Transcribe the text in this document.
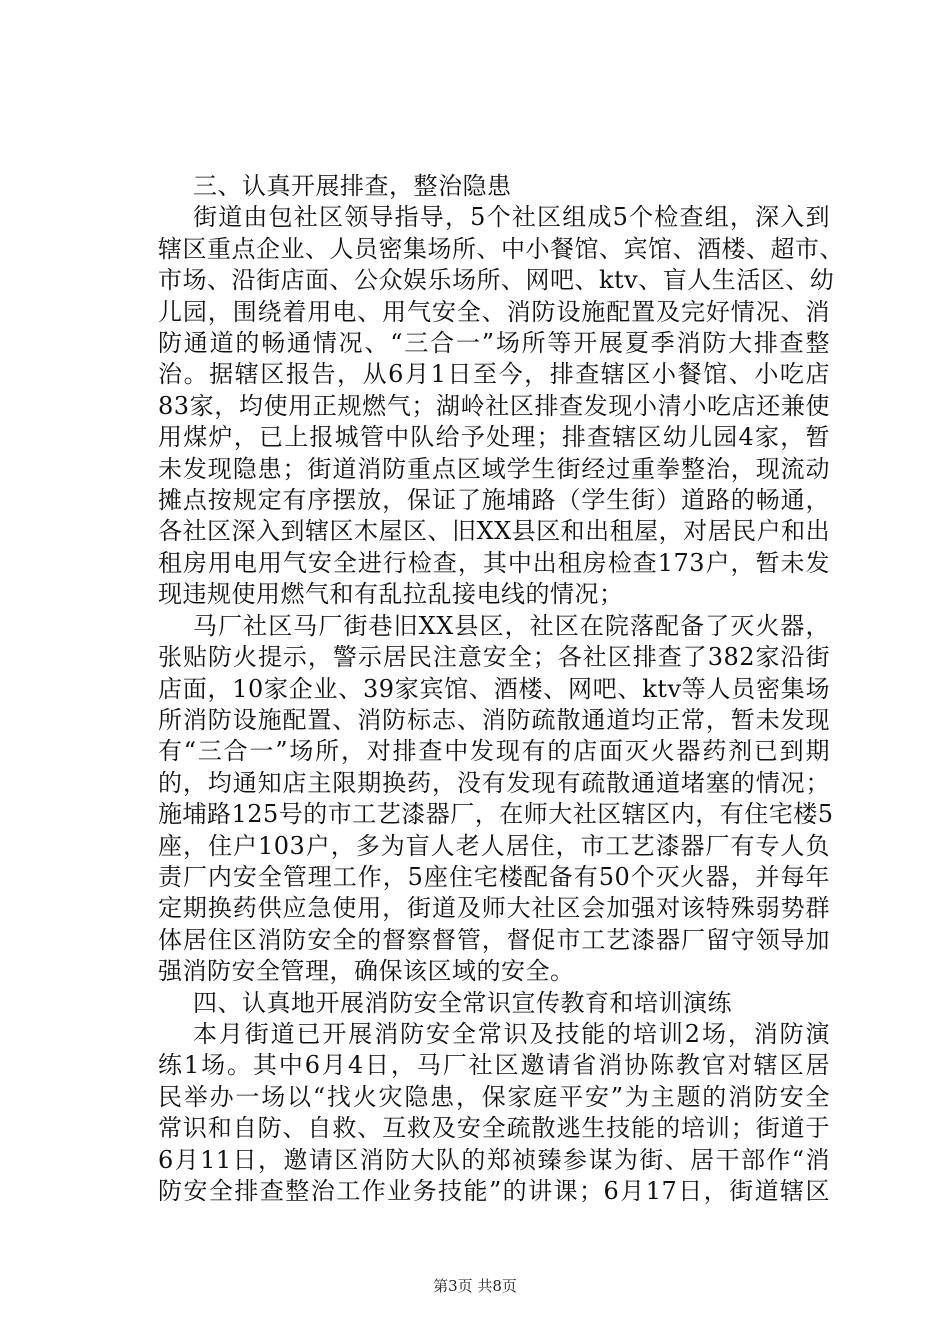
三、认真开展排查，整治隐患
街道由包社区领导指导，5个社区组成5个检查组，深入到
辖区重点企业、人员密集场所、中小餐馆、宾馆、酒楼、超市、
市场、沿街店面、公众娱乐场所、网吧、ktv、盲人生活区、幼
儿园，围绕着用电、用气安全、消防设施配置及完好情况、消
防通道的畅通情况、“三合一”场所等开展夏季消防大排查整
治。据辖区报告，从6月1日至今，排查辖区小餐馆、小吃店
83家，均使用正规燃气；湖岭社区排查发现小清小吃店还兼使
用煤炉，已上报城管中队给予处理；排查辖区幼儿园4家，暂
未发现隐患；街道消防重点区域学生街经过重拳整治，现流动
摊点按规定有序摆放，保证了施埔路（学生街）道路的畅通，
各社区深入到辖区木屋区、旧XX县区和出租屋，对居民户和出
租房用电用气安全进行检查，其中出租房检查173户，暂未发
现违规使用燃气和有乱拉乱接电线的情况；
马厂社区马厂街巷旧XX县区，社区在院落配备了灭火器，
张贴防火提示，警示居民注意安全；各社区排查了382家沿街
店面，10家企业、39家宾馆、酒楼、网吧、ktv等人员密集场
所消防设施配置、消防标志、消防疏散通道均正常，暂未发现
有“三合一”场所，对排查中发现有的店面灭火器药剂已到期
的，均通知店主限期换药，没有发现有疏散通道堵塞的情况；
施埔路125号的市工艺漆器厂，在师大社区辖区内，有住宅楼5
座，住户103户，多为盲人老人居住，市工艺漆器厂有专人负
责厂内安全管理工作，5座住宅楼配备有50个灭火器，并每年
定期换药供应急使用，街道及师大社区会加强对该特殊弱势群
体居住区消防安全的督察督管，督促市工艺漆器厂留守领导加
强消防安全管理，确保该区域的安全。
四、认真地开展消防安全常识宣传教育和培训演练
本月街道已开展消防安全常识及技能的培训2场，消防演
练1场。其中6月4日，马厂社区邀请省消协陈教官对辖区居
民举办一场以“找火灾隐患，保家庭平安”为主题的消防安全
常识和自防、自救、互救及安全疏散逃生技能的培训；街道于
6月11日，邀请区消防大队的郑祯臻参谋为街、居干部作“消
防安全排查整治工作业务技能”的讲课；6月17日，街道辖区
第3页 共8页
